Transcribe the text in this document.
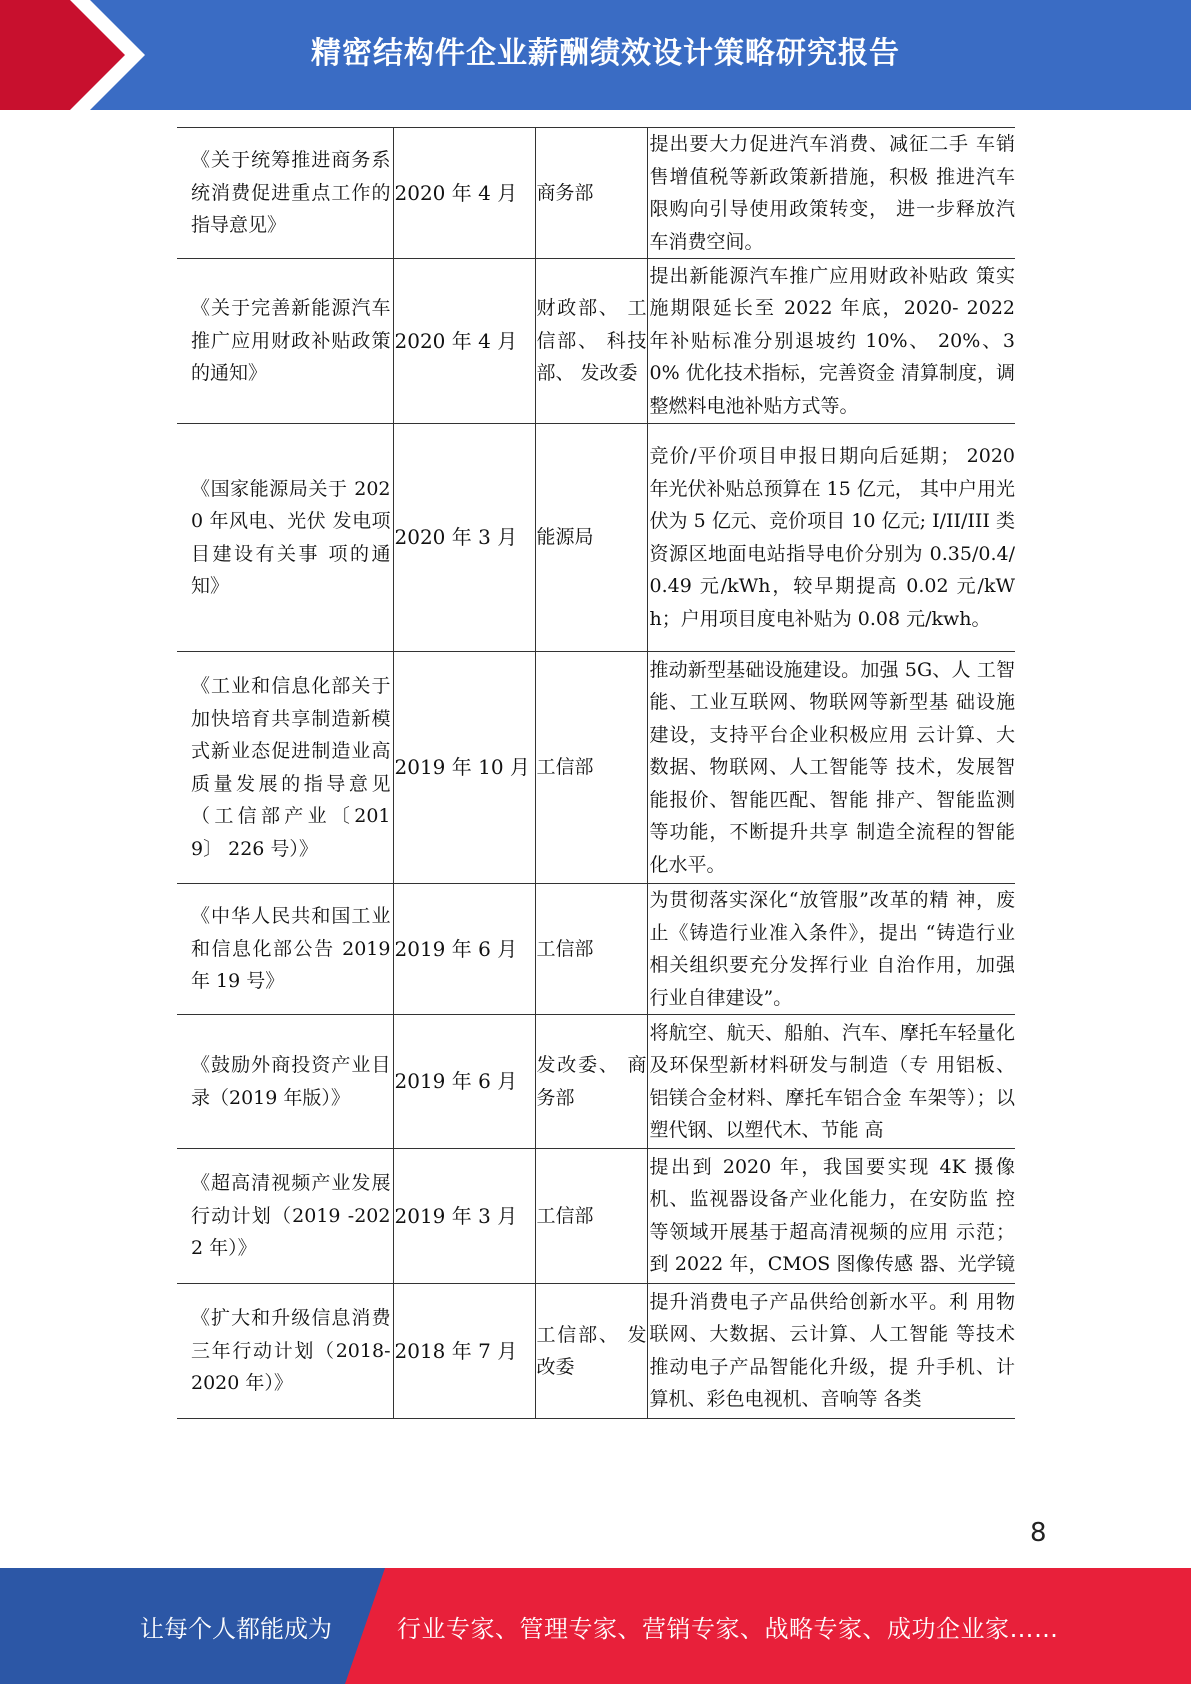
精密结构件企业薪酬绩效设计策略研究报告
《关于统筹推进商务系统消费促进重点工作的指导意见》	2020 年 4 月	商务部	提出要大力促进汽车消费、减征二手 车销售增值税等新政策新措施，积极 推进汽车限购向引导使用政策转变， 进一步释放汽车消费空间。

《关于完善新能源汽车推广应用财政补贴政策的通知》	2020 年 4 月	财政部、 工信部、 科技部、 发改委	提出新能源汽车推广应用财政补贴政 策实施期限延长至 2022 年底，2020- 2022 年补贴标准分别退坡约 10%、 20%、30% 优化技术指标，完善资金 清算制度，调整燃料电池补贴方式等。

《国家能源局关于 2020 年风电、光伏 发电项目建设有关事 项的通知》	2020 年 3 月	能源局	竞价/平价项目申报日期向后延期； 2020 年光伏补贴总预算在 15 亿元， 其中户用光伏为 5 亿元、竞价项目 10 亿元; I/II/III 类资源区地面电站指导电价分别为 0.35/0.4/0.49 元/kWh，较早期提高 0.02 元/kWh；户用项目度电补贴为 0.08 元/kwh。

《工业和信息化部关于加快培育共享制造新模式新业态促进制造业高质量发展的指导意见（工信部产业〔2019〕 226 号）》	2019 年 10 月	工信部	推动新型基础设施建设。加强 5G、人 工智能、工业互联网、物联网等新型基 础设施建设，支持平台企业积极应用 云计算、大数据、物联网、人工智能等 技术，发展智能报价、智能匹配、智能 排产、智能监测等功能，不断提升共享 制造全流程的智能化水平。

《中华人民共和国工业和信息化部公告 2019 年 19 号》	2019 年 6 月	工信部	为贯彻落实深化“放管服”改革的精 神，废止《铸造行业准入条件》，提出 “铸造行业相关组织要充分发挥行业 自治作用，加强行业自律建设”。

《鼓励外商投资产业目录（2019 年版）》	2019 年 6 月	发改委、 商务部	将航空、航天、船舶、汽车、摩托车轻量化及环保型新材料研发与制造（专 用铝板、铝镁合金材料、摩托车铝合金 车架等）；以塑代钢、以塑代木、节能 高

《超高清视频产业发展行动计划（2019 -2022 年）》	2019 年 3 月	工信部	提出到 2020 年，我国要实现 4K 摄像 机、监视器设备产业化能力，在安防监 控等领域开展基于超高清视频的应用 示范；到 2022 年，CMOS 图像传感 器、光学镜

《扩大和升级信息消费三年行动计划（2018-2020 年）》	2018 年 7 月	工信部、 发改委	提升消费电子产品供给创新水平。利 用物联网、大数据、云计算、人工智能 等技术推动电子产品智能化升级，提 升手机、计算机、彩色电视机、音响等 各类
8
让每个人都能成为	行业专家、管理专家、营销专家、战略专家、成功企业家……
